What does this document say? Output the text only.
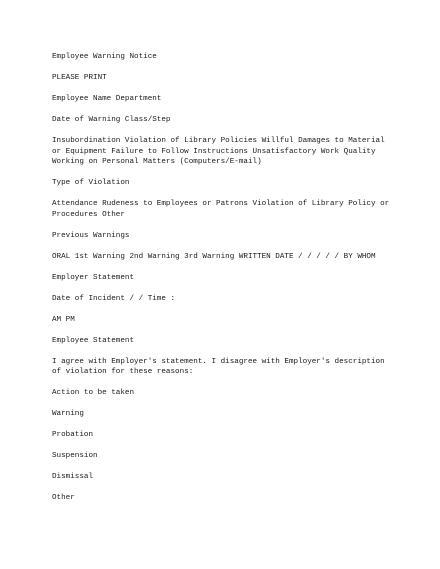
Employee Warning Notice

PLEASE PRINT

Employee Name Department

Date of Warning Class/Step

Insubordination Violation of Library Policies Willful Damages to Material or Equipment Failure to Follow Instructions Unsatisfactory Work Quality Working on Personal Matters (Computers/E-mail)

Type of Violation

Attendance Rudeness to Employees or Patrons Violation of Library Policy or Procedures Other

Previous Warnings

ORAL 1st Warning 2nd Warning 3rd Warning WRITTEN DATE / / / / / BY WHOM

Employer Statement

Date of Incident / / Time :

AM PM

Employee Statement

I agree with Employer's statement. I disagree with Employer's description of violation for these reasons:

Action to be taken

Warning

Probation

Suspension

Dismissal

Other
